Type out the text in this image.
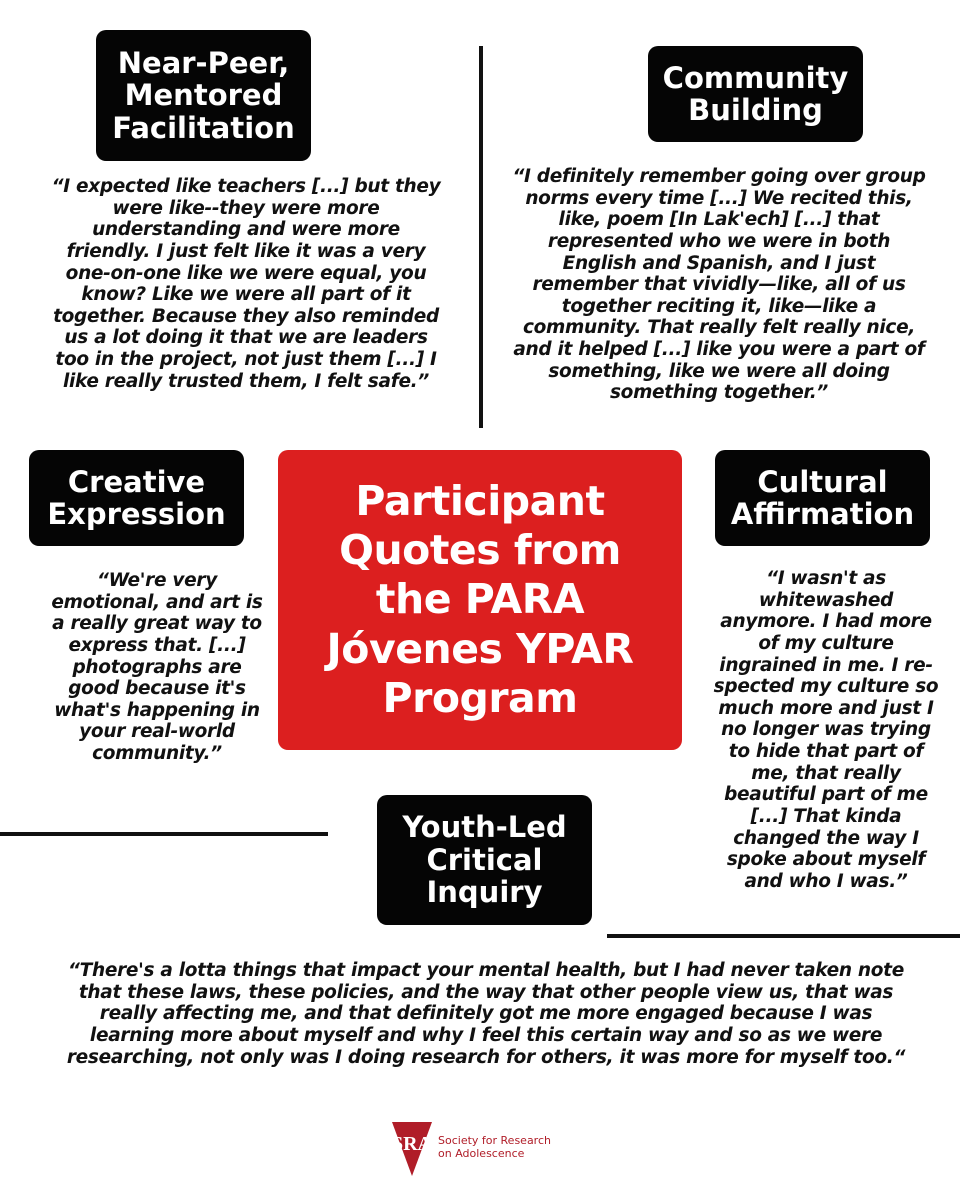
Near-Peer,
Mentored
Facilitation

“I expected like teachers [...] but they were like--they were more understanding and were more friendly. I just felt like it was a very one-on-one like we were equal, you know? Like we were all part of it together. Because they also reminded us a lot doing it that we are leaders too in the project, not just them [...] I like really trusted them, I felt safe.”

Community
Building

“I definitely remember going over group norms every time [...] We recited this, like, poem [In Lak'ech] [...] that represented who we were in both English and Spanish, and I just remember that vividly—like, all of us together reciting it, like—like a community. That really felt really nice, and it helped [...] like you were a part of something, like we were all doing something together.”

Creative
Expression

“We're very emotional, and art is a really great way to express that. [...] photographs are good because it's what's happening in your real-world community.”

Participant
Quotes from
the PARA
Jóvenes YPAR
Program
Cultural
Affirmation

“I wasn't as whitewashed anymore. I had more of my culture ingrained in me. I re-spected my culture so much more and just I no longer was trying to hide that part of me, that really beautiful part of me [...] That kinda changed the way I spoke about myself and who I was.”

Youth-Led
Critical
Inquiry

“There's a lotta things that impact your mental health, but I had never taken note that these laws, these policies, and the way that other people view us, that was really affecting me, and that definitely got me more engaged because I was learning more about myself and why I feel this certain way and so as we were researching, not only was I doing research for others, it was more for myself too.“

SRA Society for Research
on Adolescence
